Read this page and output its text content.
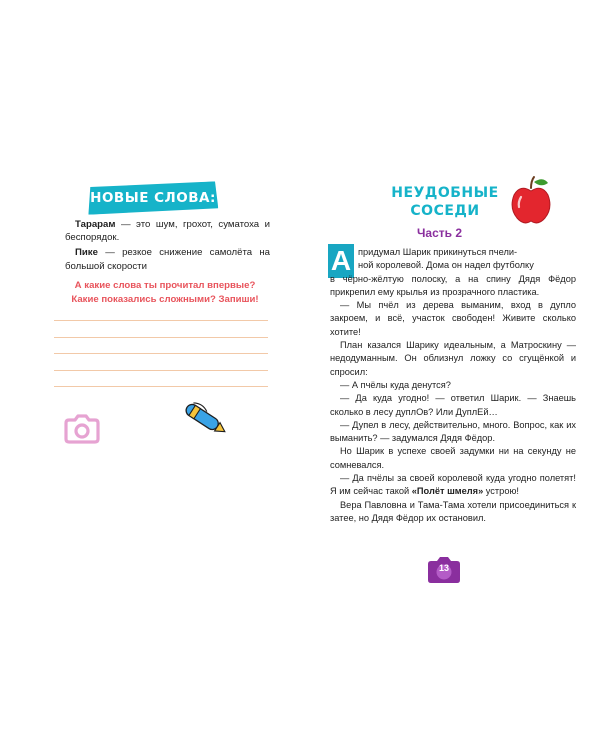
НОВЫЕ СЛОВА:

Тарарам — это шум, грохот, суматоха и беспорядок.

Пике — резкое снижение самолёта на большой скорости

А какие слова ты прочитал впервые?
Какие показались сложными? Запиши!
НЕУДОБНЫЕ
СОСЕДИ
Часть 2
А придумал Шарик прикинуться пчели-
ной королевой. Дома он надел футболку
в чёрно-жёлтую полоску, а на спину Дядя Фёдор прикрепил ему крылья из прозрачного пластика.

— Мы пчёл из дерева выманим, вход в дупло закроем, и всё, участок свободен! Живите сколько хотите!

План казался Шарику идеальным, а Матроскину — недодуманным. Он облизнул ложку со сгущёнкой и спросил:

— А пчёлы куда денутся?

— Да куда угодно! — ответил Шарик. — Знаешь сколько в лесу дуплОв? Или ДуплЕй…

— Дупел в лесу, действительно, много. Вопрос, как их выманить? — задумался Дядя Фёдор.

Но Шарик в успехе своей задумки ни на секунду не сомневался.

— Да пчёлы за своей королевой куда угодно полетят! Я им сейчас такой «Полёт шмеля» устрою!

Вера Павловна и Тама-Тама хотели присоединиться к затее, но Дядя Фёдор их остановил.

13
